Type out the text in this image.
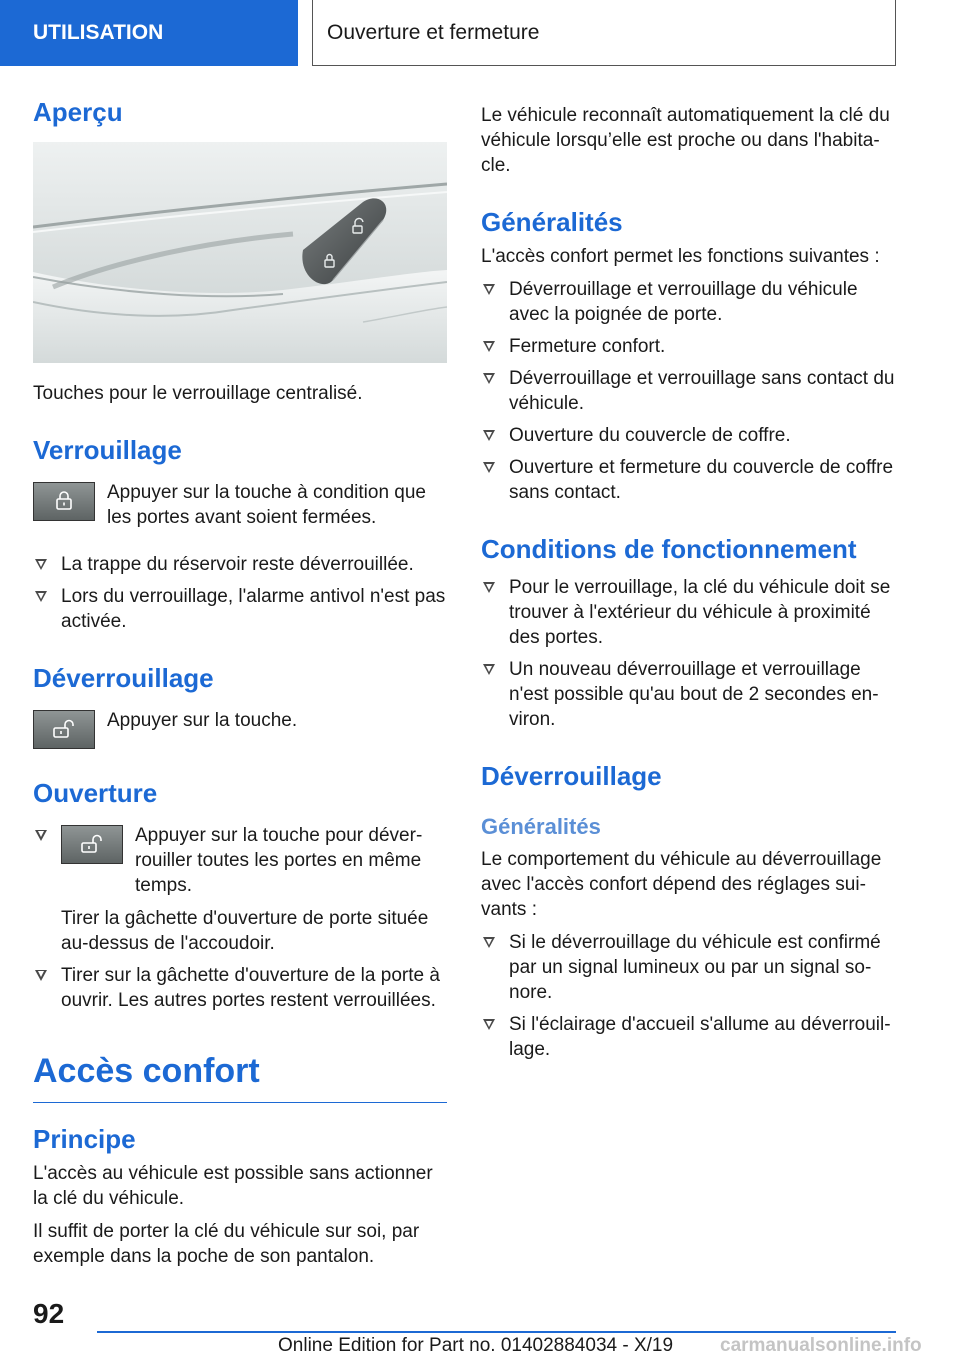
UTILISATION	Ouverture et fermeture
Aperçu

Touches pour le verrouillage centralisé.

Verrouillage
Appuyer sur la touche à condition que les portes avant soient fermées.
La trappe du réservoir reste déverrouillée.
Lors du verrouillage, l'alarme antivol n'est pas activée.
Déverrouillage
Appuyer sur la touche.
Ouverture
Appuyer sur la touche pour déverrouiller toutes les portes en même temps.
Tirer la gâchette d'ouverture de porte située au-dessus de l'accoudoir.
Tirer sur la gâchette d'ouverture de la porte à ouvrir. Les autres portes restent verrouillées.
Accès confort
Principe

L'accès au véhicule est possible sans actionner la clé du véhicule.

Il suffit de porter la clé du véhicule sur soi, par exemple dans la poche de son pantalon.

Le véhicule reconnaît automatiquement la clé du véhicule lorsqu’elle est proche ou dans l'habitacle.

Généralités

L'accès confort permet les fonctions suivantes :

Déverrouillage et verrouillage du véhicule avec la poignée de porte.
Fermeture confort.
Déverrouillage et verrouillage sans contact du véhicule.
Ouverture du couvercle de coffre.
Ouverture et fermeture du couvercle de coffre sans contact.
Conditions de fonctionnement
Pour le verrouillage, la clé du véhicule doit se trouver à l'extérieur du véhicule à proximité des portes.
Un nouveau déverrouillage et verrouillage n'est possible qu'au bout de 2 secondes environ.
Déverrouillage
Généralités

Le comportement du véhicule au déverrouillage avec l'accès confort dépend des réglages suivants :

Si le déverrouillage du véhicule est confirmé par un signal lumineux ou par un signal sonore.
Si l'éclairage d'accueil s'allume au déverrouillage.
92
Online Edition for Part no. 01402884034 - X/19 carmanualsonline.info
